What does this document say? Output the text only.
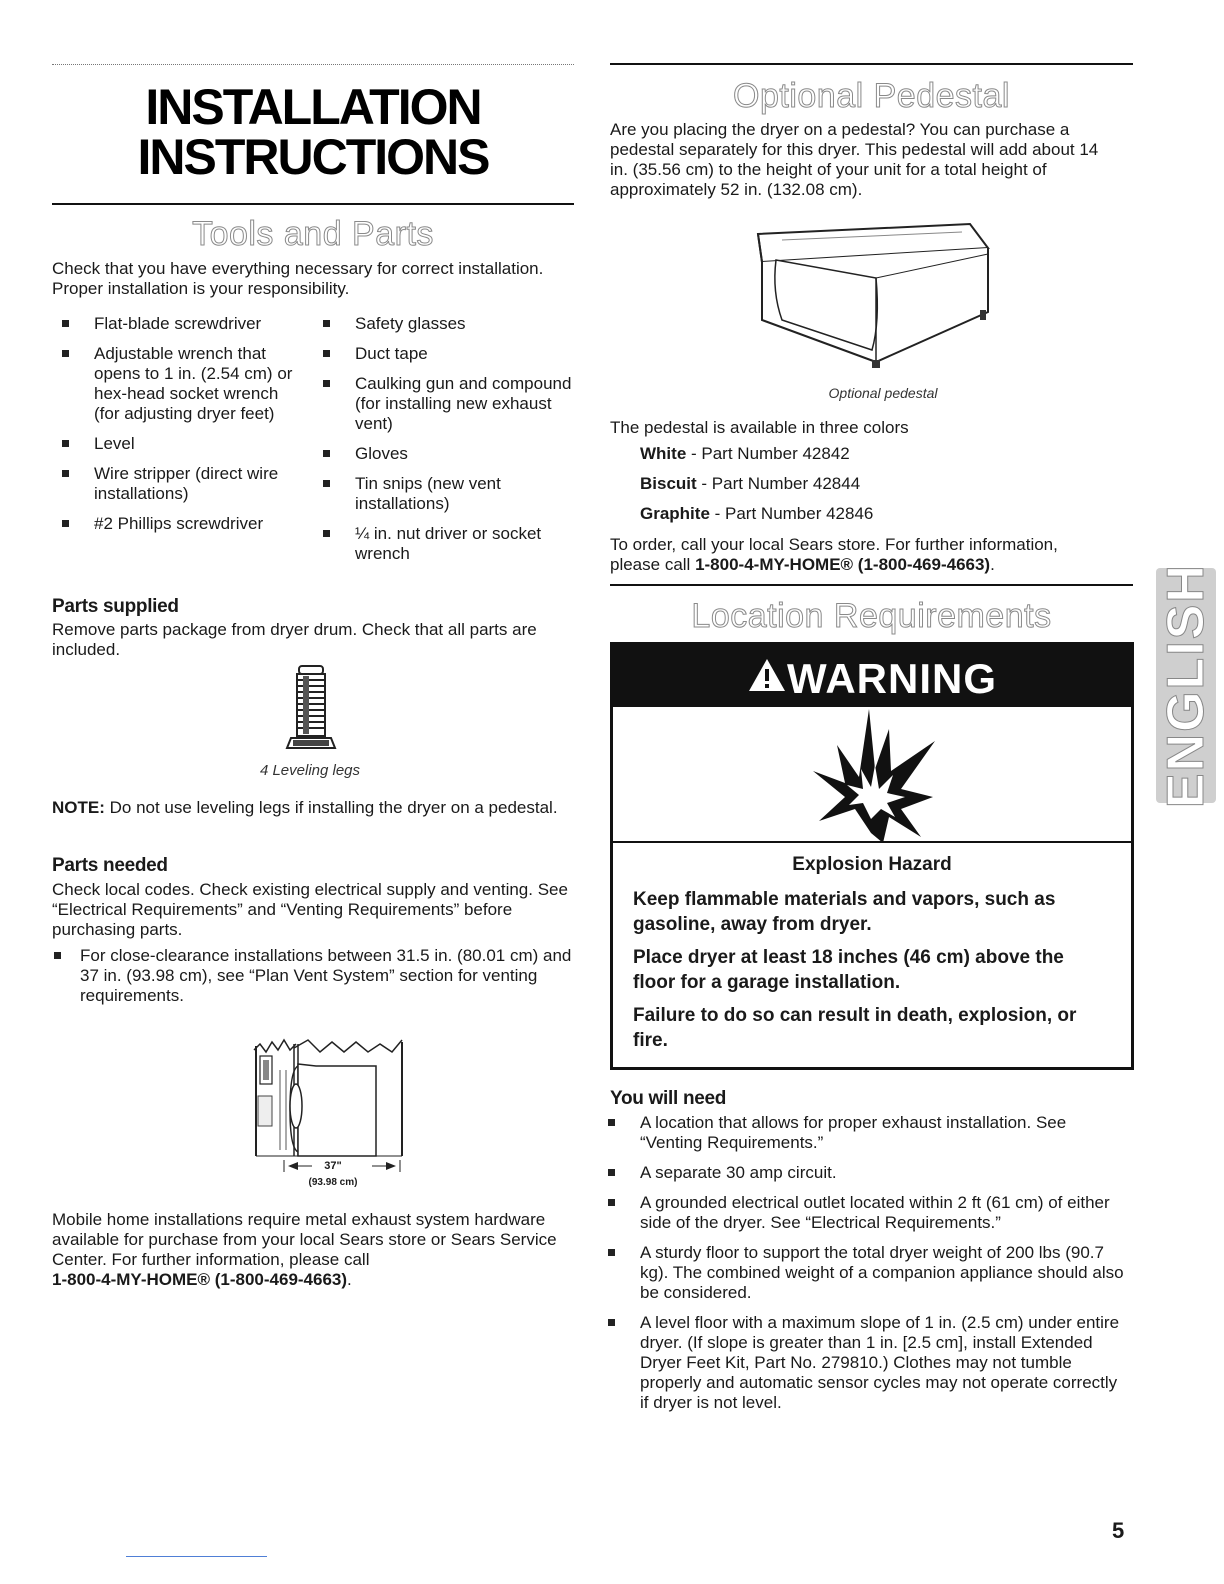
INSTALLATION
INSTRUCTIONS
Tools and Parts
Check that you have everything necessary for correct installation. Proper installation is your responsibility.
Flat-blade screwdriver
Adjustable wrench that opens to 1 in. (2.54 cm) or hex-head socket wrench (for adjusting dryer feet)
Level
Wire stripper (direct wire installations)
#2 Phillips screwdriver
Safety glasses
Duct tape
Caulking gun and compound (for installing new exhaust vent)
Gloves
Tin snips (new vent installations)
¼ in. nut driver or socket wrench
Parts supplied
Remove parts package from dryer drum. Check that all parts are included.
4 Leveling legs
NOTE: Do not use leveling legs if installing the dryer on a pedestal.
Parts needed
Check local codes. Check existing electrical supply and venting. See “Electrical Requirements” and “Venting Requirements” before purchasing parts.
For close-clearance installations between 31.5 in. (80.01 cm) and 37 in. (93.98 cm), see “Plan Vent System” section for venting requirements.
37"
(93.98 cm)
Mobile home installations require metal exhaust system hardware available for purchase from your local Sears store or Sears Service Center. For further information, please call
1-800-4-MY-HOME® (1-800-469-4663).
Optional Pedestal
Are you placing the dryer on a pedestal? You can purchase a pedestal separately for this dryer. This pedestal will add about 14 in. (35.56 cm) to the height of your unit for a total height of approximately 52 in. (132.08 cm).
Optional pedestal
The pedestal is available in three colors
White - Part Number 42842
Biscuit - Part Number 42844
Graphite - Part Number 42846
To order, call your local Sears store. For further information, please call 1-800-4-MY-HOME® (1-800-469-4663).
Location Requirements
WARNING
Explosion Hazard
Keep flammable materials and vapors, such as gasoline, away from dryer.
Place dryer at least 18 inches (46 cm) above the floor for a garage installation.
Failure to do so can result in death, explosion, or fire.
You will need
A location that allows for proper exhaust installation. See “Venting Requirements.”
A separate 30 amp circuit.
A grounded electrical outlet located within 2 ft (61 cm) of either side of the dryer. See “Electrical Requirements.”
A sturdy floor to support the total dryer weight of 200 lbs (90.7 kg). The combined weight of a companion appliance should also be considered.
A level floor with a maximum slope of 1 in. (2.5 cm) under entire dryer. (If slope is greater than 1 in. [2.5 cm], install Extended Dryer Feet Kit, Part No. 279810.) Clothes may not tumble properly and automatic sensor cycles may not operate correctly if dryer is not level.
ENGLISH
5
